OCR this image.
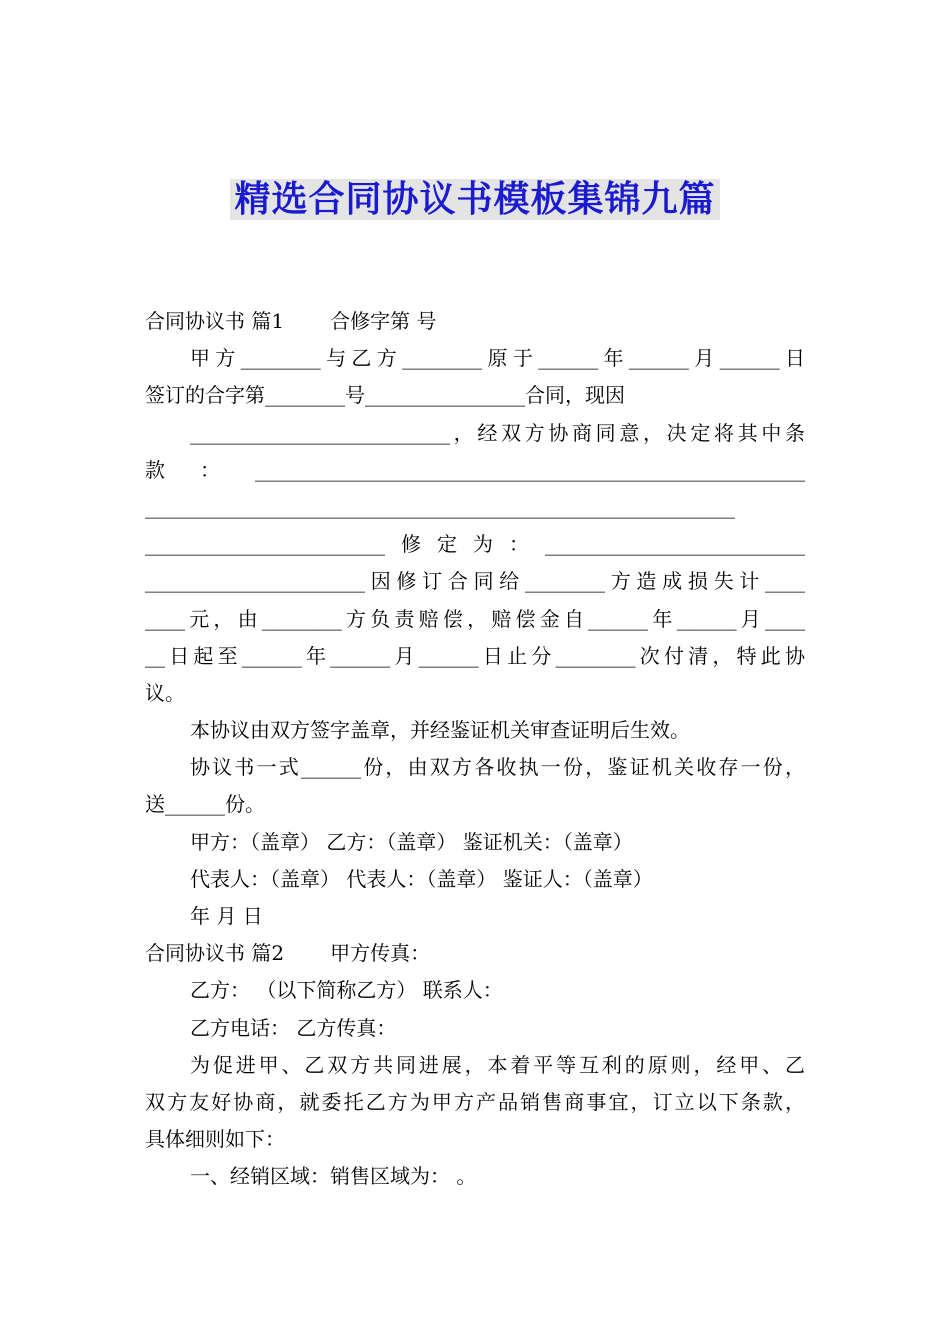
精选合同协议书模板集锦九篇
合同协议书 篇1 合修字第 号
甲方________与乙方________原于______年______月______日
签订的合字第________号________________合同，现因
__________________________，经双方协商同意，决定将其中条
款：_______________________________________________________
___________________________________________________________
________________________修定为：__________________________
______________________因修订合同给________方造成损失计____
____元，由________方负责赔偿，赔偿金自______年______月____
__日起至______年______月______日止分________次付清，特此协
议。
本协议由双方签字盖章，并经鉴证机关审查证明后生效。
协议书一式______份，由双方各收执一份，鉴证机关收存一份，
送______份。
甲方：（盖章） 乙方：（盖章） 鉴证机关：（盖章）
代表人：（盖章） 代表人：（盖章） 鉴证人：（盖章）
年 月 日
合同协议书 篇2 甲方传真：
乙方： （以下简称乙方） 联系人：
乙方电话： 乙方传真：
为促进甲、乙双方共同进展，本着平等互利的原则，经甲、乙
双方友好协商，就委托乙方为甲方产品销售商事宜，订立以下条款，
具体细则如下：
一、经销区域：销售区域为： 。
